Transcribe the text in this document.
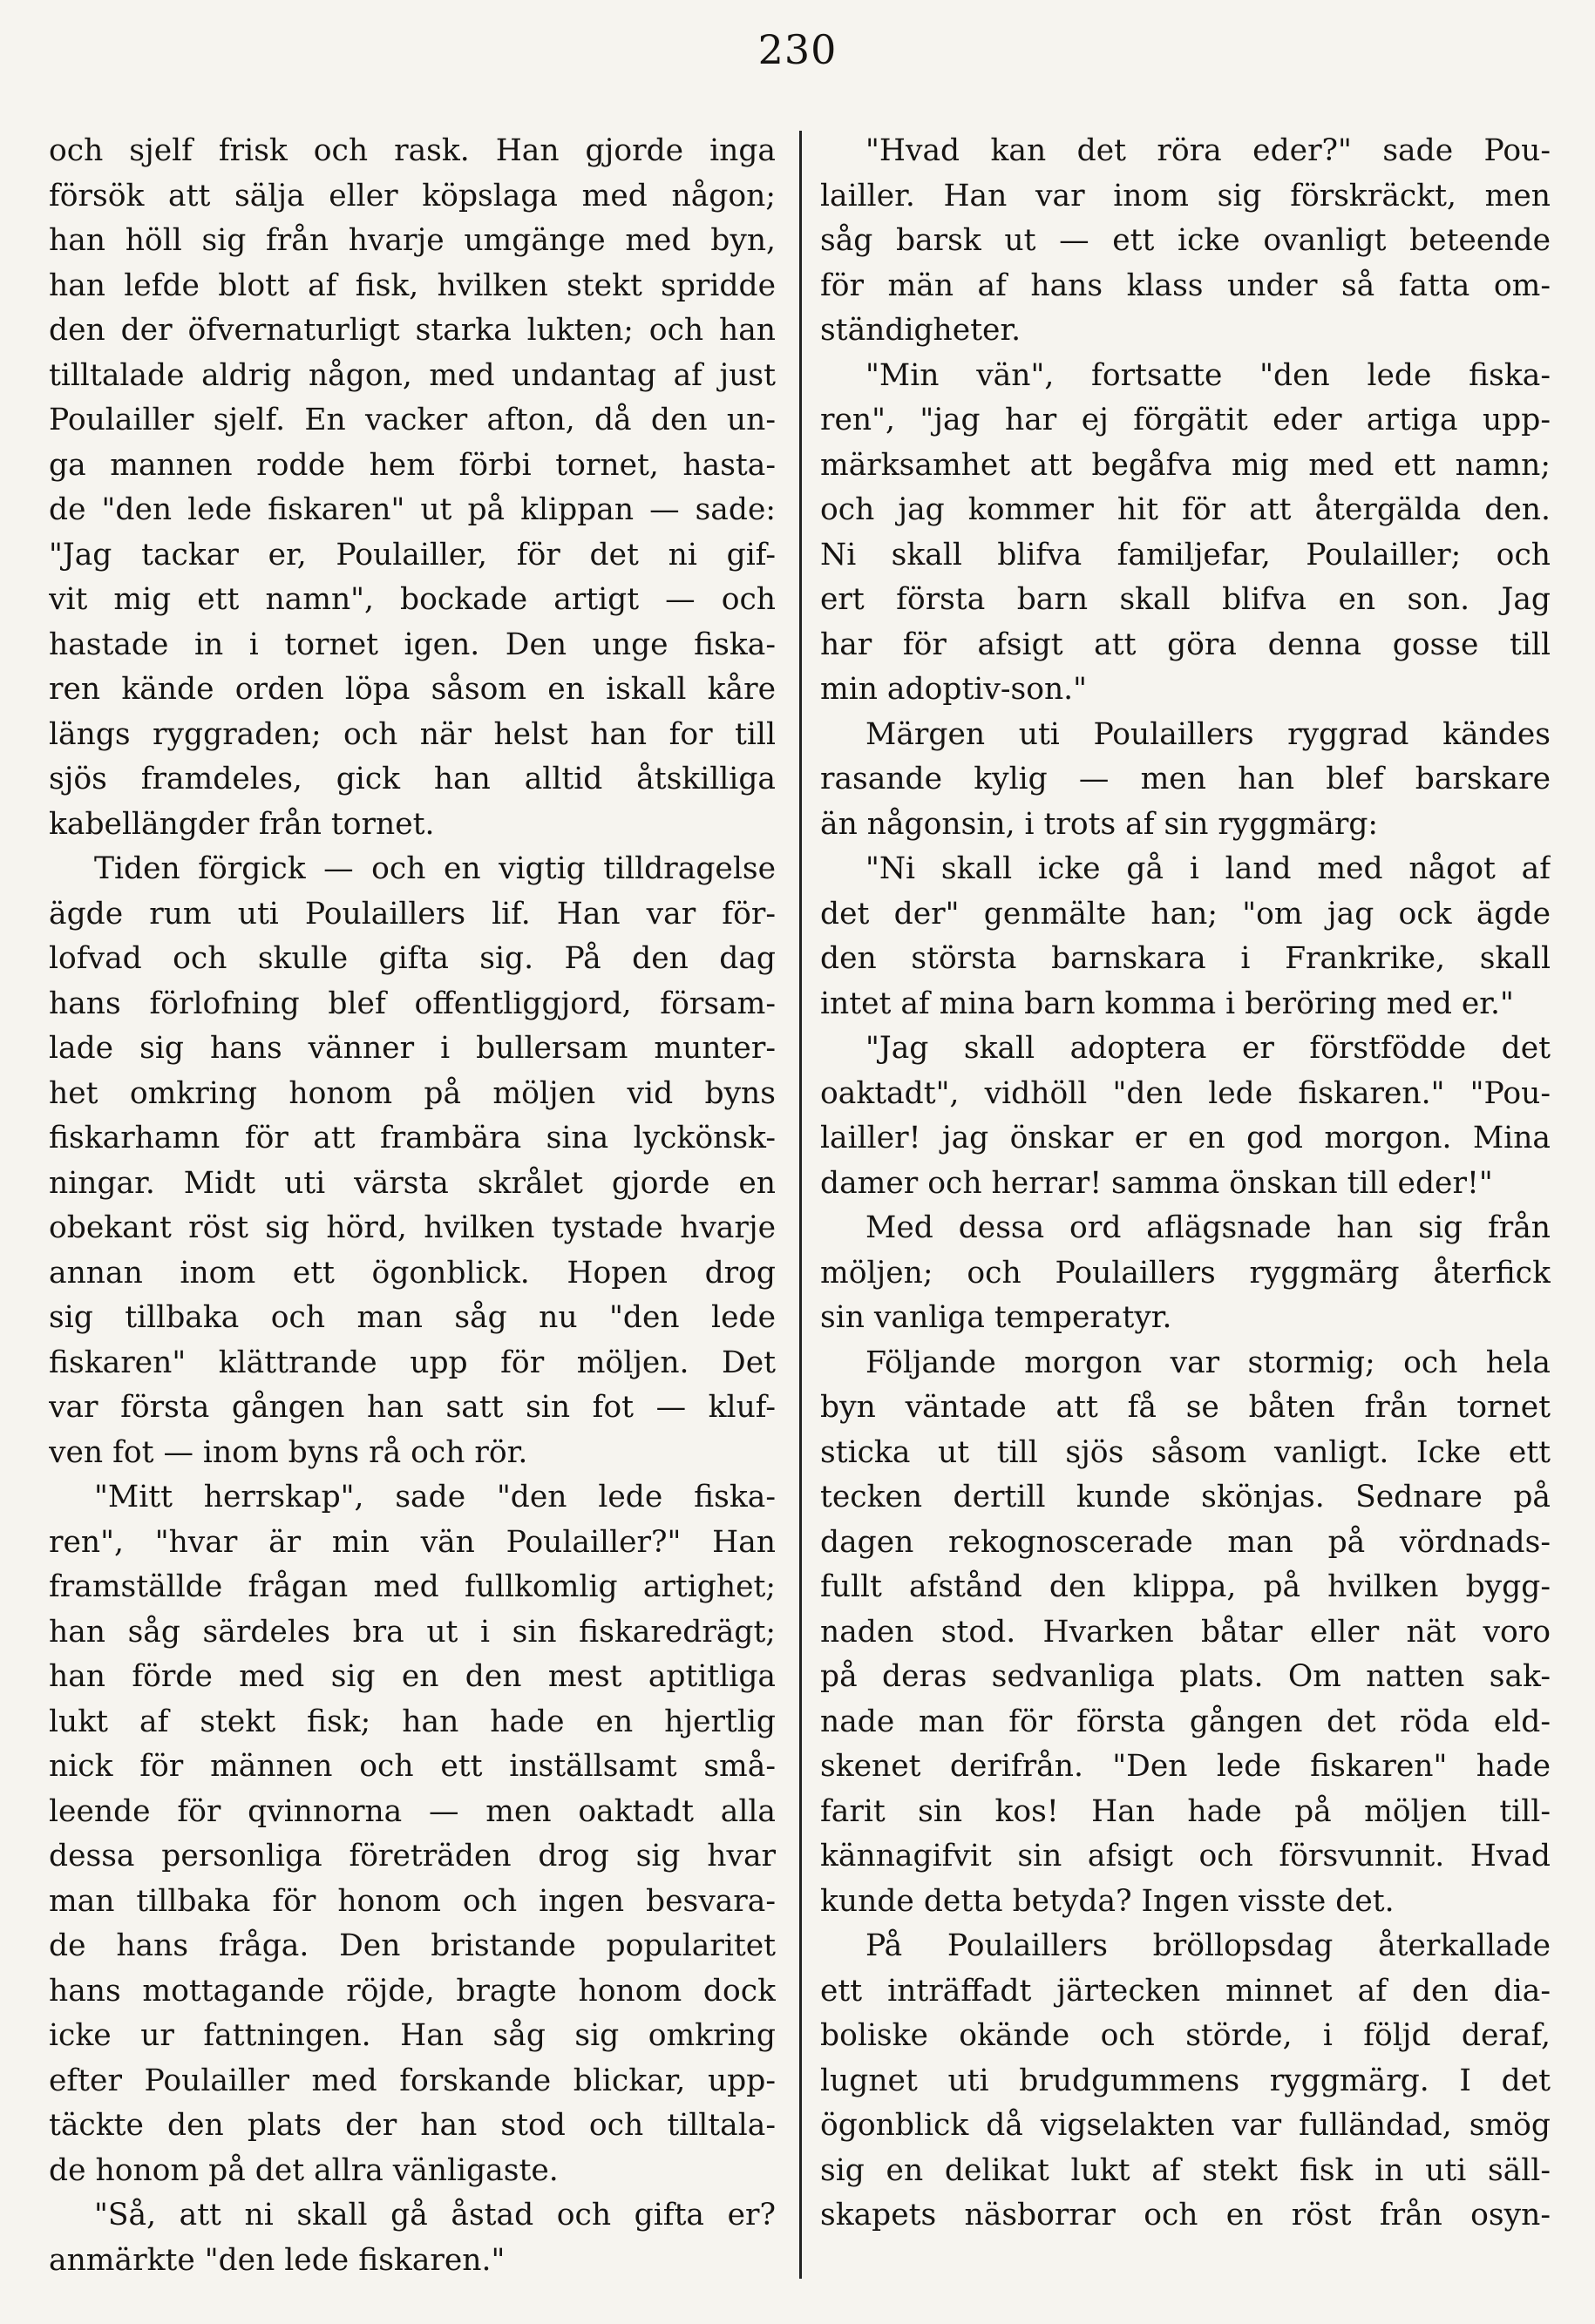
230
och sjelf frisk och rask. Han gjorde inga
försök att sälja eller köpslaga med någon;
han höll sig från hvarje umgänge med byn,
han lefde blott af fisk, hvilken stekt spridde
den der öfvernaturligt starka lukten; och han
tilltalade aldrig någon, med undantag af just
Poulailler sjelf. En vacker afton, då den un-
ga mannen rodde hem förbi tornet, hasta-
de "den lede fiskaren" ut på klippan — sade:
"Jag tackar er, Poulailler, för det ni gif-
vit mig ett namn", bockade artigt — och
hastade in i tornet igen. Den unge fiska-
ren kände orden löpa såsom en iskall kåre
längs ryggraden; och när helst han for till
sjös framdeles, gick han alltid åtskilliga
kabellängder från tornet.
Tiden förgick — och en vigtig tilldragelse
ägde rum uti Poulaillers lif. Han var för-
lofvad och skulle gifta sig. På den dag
hans förlofning blef offentliggjord, försam-
lade sig hans vänner i bullersam munter-
het omkring honom på möljen vid byns
fiskarhamn för att frambära sina lyckönsk-
ningar. Midt uti värsta skrålet gjorde en
obekant röst sig hörd, hvilken tystade hvarje
annan inom ett ögonblick. Hopen drog
sig tillbaka och man såg nu "den lede
fiskaren" klättrande upp för möljen. Det
var första gången han satt sin fot — kluf-
ven fot — inom byns rå och rör.
"Mitt herrskap", sade "den lede fiska-
ren", "hvar är min vän Poulailler?" Han
framställde frågan med fullkomlig artighet;
han såg särdeles bra ut i sin fiskaredrägt;
han förde med sig en den mest aptitliga
lukt af stekt fisk; han hade en hjertlig
nick för männen och ett inställsamt små-
leende för qvinnorna — men oaktadt alla
dessa personliga företräden drog sig hvar
man tillbaka för honom och ingen besvara-
de hans fråga. Den bristande popularitet
hans mottagande röjde, bragte honom dock
icke ur fattningen. Han såg sig omkring
efter Poulailler med forskande blickar, upp-
täckte den plats der han stod och tilltala-
de honom på det allra vänligaste.
"Så, att ni skall gå åstad och gifta er?
anmärkte "den lede fiskaren."
"Hvad kan det röra eder?" sade Pou-
lailler. Han var inom sig förskräckt, men
såg barsk ut — ett icke ovanligt beteende
för män af hans klass under så fatta om-
ständigheter.
"Min vän", fortsatte "den lede fiska-
ren", "jag har ej förgätit eder artiga upp-
märksamhet att begåfva mig med ett namn;
och jag kommer hit för att återgälda den.
Ni skall blifva familjefar, Poulailler; och
ert första barn skall blifva en son. Jag
har för afsigt att göra denna gosse till
min adoptiv-son."
Märgen uti Poulaillers ryggrad kändes
rasande kylig — men han blef barskare
än någonsin, i trots af sin ryggmärg:
"Ni skall icke gå i land med något af
det der" genmälte han; "om jag ock ägde
den största barnskara i Frankrike, skall
intet af mina barn komma i beröring med er."
"Jag skall adoptera er förstfödde det
oaktadt", vidhöll "den lede fiskaren." "Pou-
lailler! jag önskar er en god morgon. Mina
damer och herrar! samma önskan till eder!"
Med dessa ord aflägsnade han sig från
möljen; och Poulaillers ryggmärg återfick
sin vanliga temperatyr.
Följande morgon var stormig; och hela
byn väntade att få se båten från tornet
sticka ut till sjös såsom vanligt. Icke ett
tecken dertill kunde skönjas. Sednare på
dagen rekognoscerade man på vördnads-
fullt afstånd den klippa, på hvilken bygg-
naden stod. Hvarken båtar eller nät voro
på deras sedvanliga plats. Om natten sak-
nade man för första gången det röda eld-
skenet derifrån. "Den lede fiskaren" hade
farit sin kos! Han hade på möljen till-
kännagifvit sin afsigt och försvunnit. Hvad
kunde detta betyda? Ingen visste det.
På Poulaillers bröllopsdag återkallade
ett inträffadt järtecken minnet af den dia-
boliske okände och störde, i följd deraf,
lugnet uti brudgummens ryggmärg. I det
ögonblick då vigselakten var fulländad, smög
sig en delikat lukt af stekt fisk in uti säll-
skapets näsborrar och en röst från osyn-
